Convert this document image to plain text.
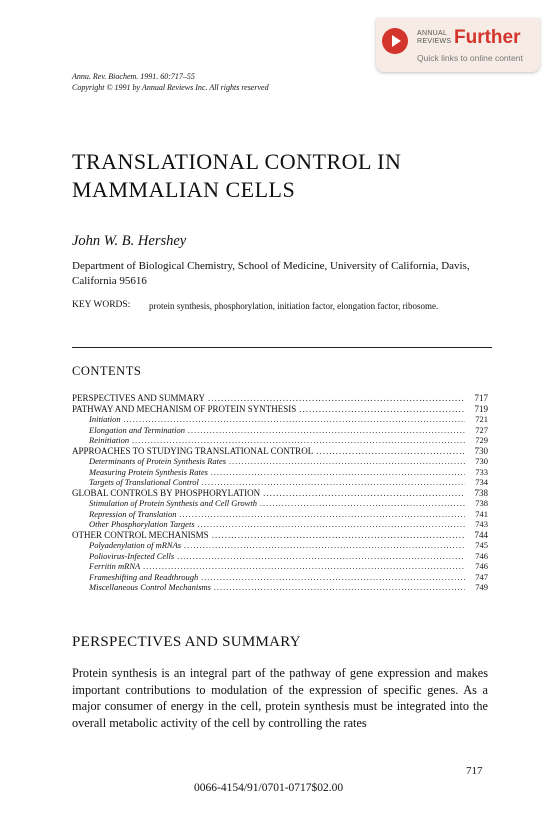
ANNUAL
REVIEWS Further
Quick links to online content
Annu. Rev. Biochem. 1991. 60:717–55
Copyright © 1991 by Annual Reviews Inc. All rights reserved
TRANSLATIONAL CONTROL IN
MAMMALIAN CELLS
John W. B. Hershey
Department of Biological Chemistry, School of Medicine, University of California, Davis, California 95616
KEY WORDS: protein synthesis, phosphorylation, initiation factor, elongation factor, ribosome.
CONTENTS
PERSPECTIVES AND SUMMARY .....	717
PATHWAY AND MECHANISM OF PROTEIN SYNTHESIS .....	719
Initiation .....	721
Elongation and Termination .....	727
Reinitiation .....	729
APPROACHES TO STUDYING TRANSLATIONAL CONTROL .....	730
Determinants of Protein Synthesis Rates .....	730
Measuring Protein Synthesis Rates .....	733
Targets of Translational Control .....	734
GLOBAL CONTROLS BY PHOSPHORYLATION .....	738
Stimulation of Protein Synthesis and Cell Growth .....	738
Repression of Translation .....	741
Other Phosphorylation Targets .....	743
OTHER CONTROL MECHANISMS .....	744
Polyadenylation of mRNAs .....	745
Poliovirus-Infected Cells .....	746
Ferritin mRNA .....	746
Frameshifting and Readthrough .....	747
Miscellaneous Control Mechanisms .....	749
PERSPECTIVES AND SUMMARY
Protein synthesis is an integral part of the pathway of gene expression and makes important contributions to modulation of the expression of specific genes. As a major consumer of energy in the cell, protein synthesis must be integrated into the overall metabolic activity of the cell by controlling the rates
717
0066-4154/91/0701-0717$02.00
